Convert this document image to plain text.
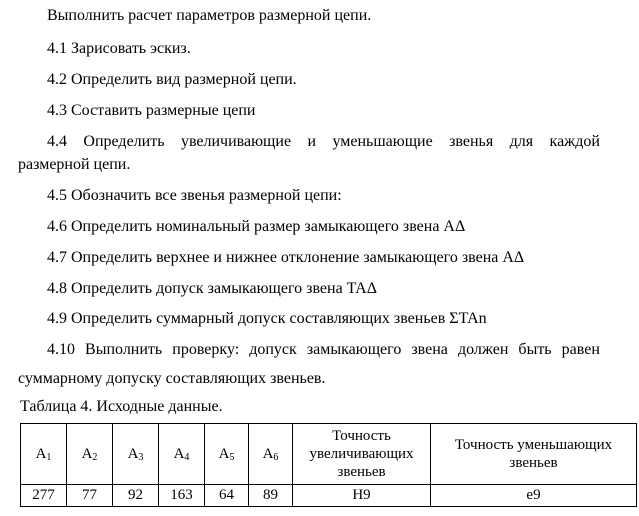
Выполнить расчет параметров размерной цепи.
4.1 Зарисовать эскиз.
4.2 Определить вид размерной цепи.
4.3 Составить размерные цепи
4.4 Определить увеличивающие и уменьшающие звенья для каждой
размерной цепи.
4.5 Обозначить все звенья размерной цепи:
4.6 Определить номинальный размер замыкающего звена AΔ
4.7 Определить верхнее и нижнее отклонение замыкающего звена AΔ
4.8 Определить допуск замыкающего звена TAΔ
4.9 Определить суммарный допуск составляющих звеньев ΣTAn
4.10 Выполнить проверку: допуск замыкающего звена должен быть равен
суммарному допуску составляющих звеньев.
Таблица 4. Исходные данные.
$A_1$	$A_2$	$A_3$	$A_4$	$A_5$	$A_6$	Точность увеличивающих звеньев	Точность уменьшающих звеньев
277	77	92	163	64	89	H9	e9
